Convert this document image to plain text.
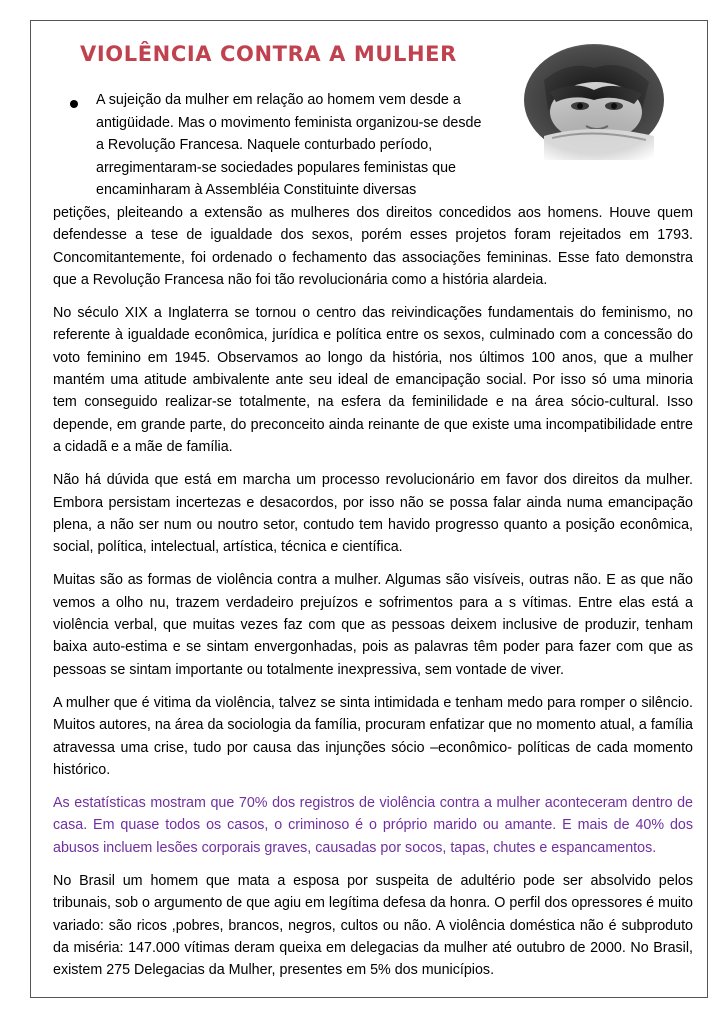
VIOLÊNCIA CONTRA A MULHER

A sujeição da mulher em relação ao homem vem desde a antigüidade. Mas o movimento feminista organizou-se desde a Revolução Francesa. Naquele conturbado período, arregimentaram-se sociedades populares feministas que encaminharam à Assembléia Constituinte diversas

petições, pleiteando a extensão as mulheres dos direitos concedidos aos homens. Houve quem defendesse a tese de igualdade dos sexos, porém esses projetos foram rejeitados em 1793. Concomitantemente, foi ordenado o fechamento das associações femininas. Esse fato demonstra que a Revolução Francesa não foi tão revolucionária como a história alardeia.

No século XIX a Inglaterra se tornou o centro das reivindicações fundamentais do feminismo, no referente à igualdade econômica, jurídica e política entre os sexos, culminado com a concessão do voto feminino em 1945. Observamos ao longo da história, nos últimos 100 anos, que a mulher mantém uma atitude ambivalente ante seu ideal de emancipação social. Por isso só uma minoria tem conseguido realizar-se totalmente, na esfera da feminilidade e na área sócio-cultural. Isso depende, em grande parte, do preconceito ainda reinante de que existe uma incompatibilidade entre a cidadã e a mãe de família.

Não há dúvida que está em marcha um processo revolucionário em favor dos direitos da mulher. Embora persistam incertezas e desacordos, por isso não se possa falar ainda numa emancipação plena, a não ser num ou noutro setor, contudo tem havido progresso quanto a posição econômica, social, política, intelectual, artística, técnica e científica.

Muitas são as formas de violência contra a mulher. Algumas são visíveis, outras não. E as que não vemos a olho nu, trazem verdadeiro prejuízos e sofrimentos para a s vítimas. Entre elas está a violência verbal, que muitas vezes faz com que as pessoas deixem inclusive de produzir, tenham baixa auto-estima e se sintam envergonhadas, pois as palavras têm poder para fazer com que as pessoas se sintam importante ou totalmente inexpressiva, sem vontade de viver.

A mulher que é vitima da violência, talvez se sinta intimidada e tenham medo para romper o silêncio. Muitos autores, na área da sociologia da família, procuram enfatizar que no momento atual, a família atravessa uma crise, tudo por causa das injunções sócio –econômico- políticas de cada momento histórico.

As estatísticas mostram que 70% dos registros de violência contra a mulher aconteceram dentro de casa. Em quase todos os casos, o criminoso é o próprio marido ou amante. E mais de 40% dos abusos incluem lesões corporais graves, causadas por socos, tapas, chutes e espancamentos.

No Brasil um homem que mata a esposa por suspeita de adultério pode ser absolvido pelos tribunais, sob o argumento de que agiu em legítima defesa da honra. O perfil dos opressores é muito variado: são ricos ,pobres, brancos, negros, cultos ou não. A violência doméstica não é subproduto da miséria: 147.000 vítimas deram queixa em delegacias da mulher até outubro de 2000. No Brasil, existem 275 Delegacias da Mulher, presentes em 5% dos municípios.
